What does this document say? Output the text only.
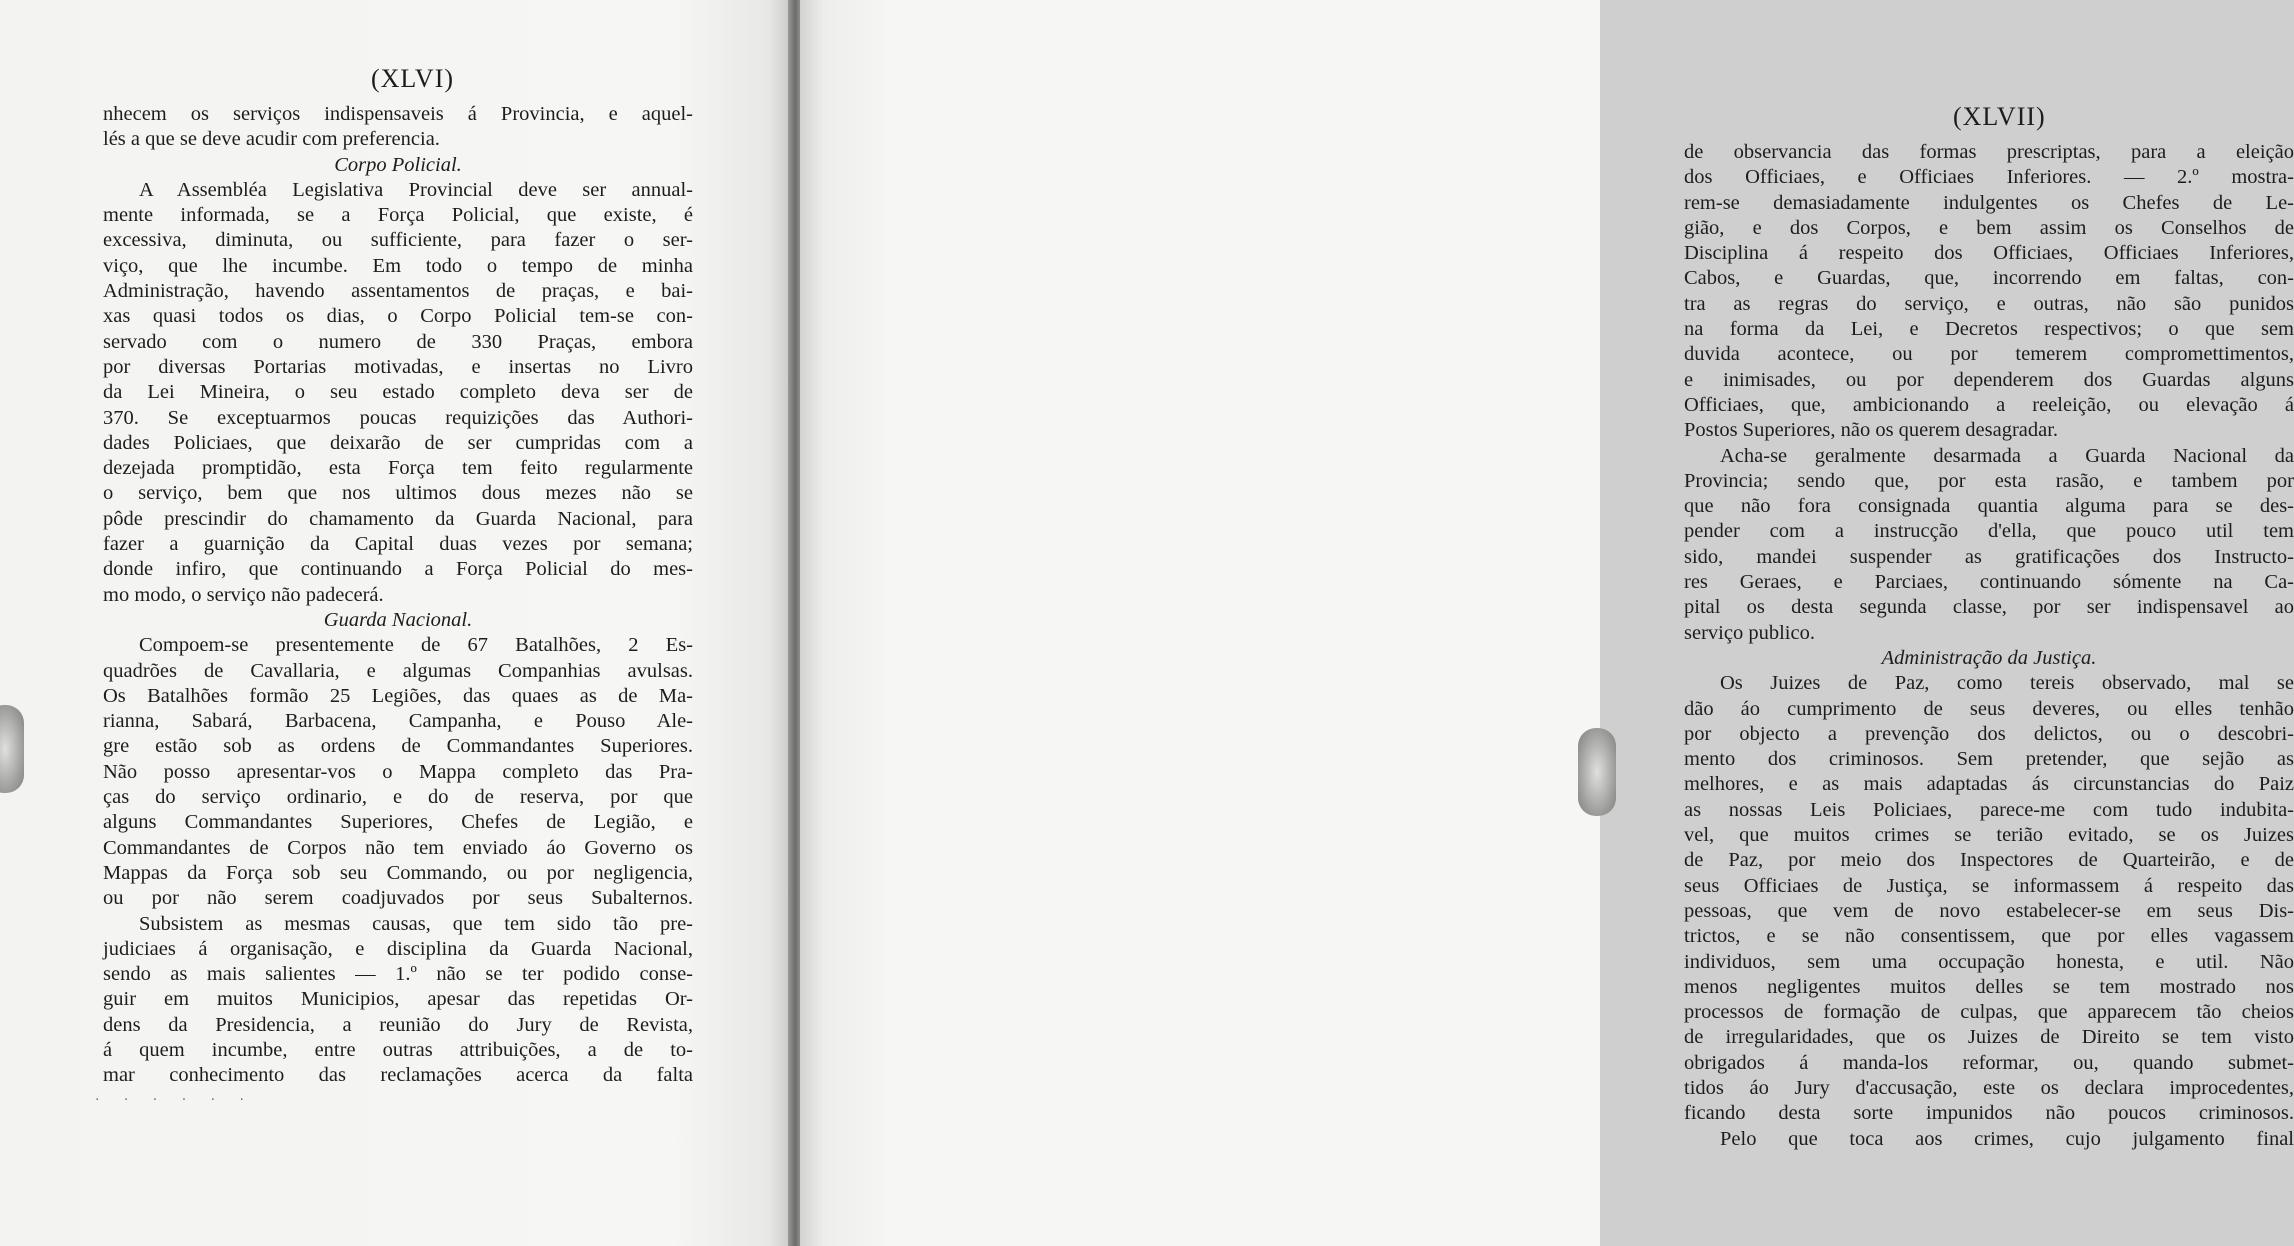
(XLVI)
nhecem os serviços indispensaveis á Provincia, e aquel-
lés a que se deve acudir com preferencia.
Corpo Policial.
A Assembléa Legislativa Provincial deve ser annual-
mente informada, se a Força Policial, que existe, é
excessiva, diminuta, ou sufficiente, para fazer o ser-
viço, que lhe incumbe. Em todo o tempo de minha
Administração, havendo assentamentos de praças, e bai-
xas quasi todos os dias, o Corpo Policial tem-se con-
servado com o numero de 330 Praças, embora
por diversas Portarias motivadas, e insertas no Livro
da Lei Mineira, o seu estado completo deva ser de
370. Se exceptuarmos poucas requizições das Authori-
dades Policiaes, que deixarão de ser cumpridas com a
dezejada promptidão, esta Força tem feito regularmente
o serviço, bem que nos ultimos dous mezes não se
pôde prescindir do chamamento da Guarda Nacional, para
fazer a guarnição da Capital duas vezes por semana;
donde infiro, que continuando a Força Policial do mes-
mo modo, o serviço não padecerá.
Guarda Nacional.
Compoem-se presentemente de 67 Batalhões, 2 Es-
quadrões de Cavallaria, e algumas Companhias avulsas.
Os Batalhões formão 25 Legiões, das quaes as de Ma-
rianna, Sabará, Barbacena, Campanha, e Pouso Ale-
gre estão sob as ordens de Commandantes Superiores.
Não posso apresentar-vos o Mappa completo das Pra-
ças do serviço ordinario, e do de reserva, por que
alguns Commandantes Superiores, Chefes de Legião, e
Commandantes de Corpos não tem enviado áo Governo os
Mappas da Força sob seu Commando, ou por negligencia,
ou por não serem coadjuvados por seus Subalternos.
Subsistem as mesmas causas, que tem sido tão pre-
judiciaes á organisação, e disciplina da Guarda Nacional,
sendo as mais salientes — 1.º não se ter podido conse-
guir em muitos Municipios, apesar das repetidas Or-
dens da Presidencia, a reunião do Jury de Revista,
á quem incumbe, entre outras attribuições, a de to-
mar conhecimento das reclamações acerca da falta
· · · · · ·
(XLVII)
de observancia das formas prescriptas, para a eleição
dos Officiaes, e Officiaes Inferiores. — 2.º mostra-
rem-se demasiadamente indulgentes os Chefes de Le-
gião, e dos Corpos, e bem assim os Conselhos de
Disciplina á respeito dos Officiaes, Officiaes Inferiores,
Cabos, e Guardas, que, incorrendo em faltas, con-
tra as regras do serviço, e outras, não são punidos
na forma da Lei, e Decretos respectivos; o que sem
duvida acontece, ou por temerem compromettimentos,
e inimisades, ou por dependerem dos Guardas alguns
Officiaes, que, ambicionando a reeleição, ou elevação á
Postos Superiores, não os querem desagradar.
Acha-se geralmente desarmada a Guarda Nacional da
Provincia; sendo que, por esta rasão, e tambem por
que não fora consignada quantia alguma para se des-
pender com a instrucção d'ella, que pouco util tem
sido, mandei suspender as gratificações dos Instructo-
res Geraes, e Parciaes, continuando sómente na Ca-
pital os desta segunda classe, por ser indispensavel ao
serviço publico.
Administração da Justiça.
Os Juizes de Paz, como tereis observado, mal se
dão áo cumprimento de seus deveres, ou elles tenhão
por objecto a prevenção dos delictos, ou o descobri-
mento dos criminosos. Sem pretender, que sejão as
melhores, e as mais adaptadas ás circunstancias do Paiz
as nossas Leis Policiaes, parece-me com tudo indubita-
vel, que muitos crimes se terião evitado, se os Juizes
de Paz, por meio dos Inspectores de Quarteirão, e de
seus Officiaes de Justiça, se informassem á respeito das
pessoas, que vem de novo estabelecer-se em seus Dis-
trictos, e se não consentissem, que por elles vagassem
individuos, sem uma occupação honesta, e util. Não
menos negligentes muitos delles se tem mostrado nos
processos de formação de culpas, que apparecem tão cheios
de irregularidades, que os Juizes de Direito se tem visto
obrigados á manda-los reformar, ou, quando submet-
tidos áo Jury d'accusação, este os declara improcedentes,
ficando desta sorte impunidos não poucos criminosos.
Pelo que toca aos crimes, cujo julgamento final
